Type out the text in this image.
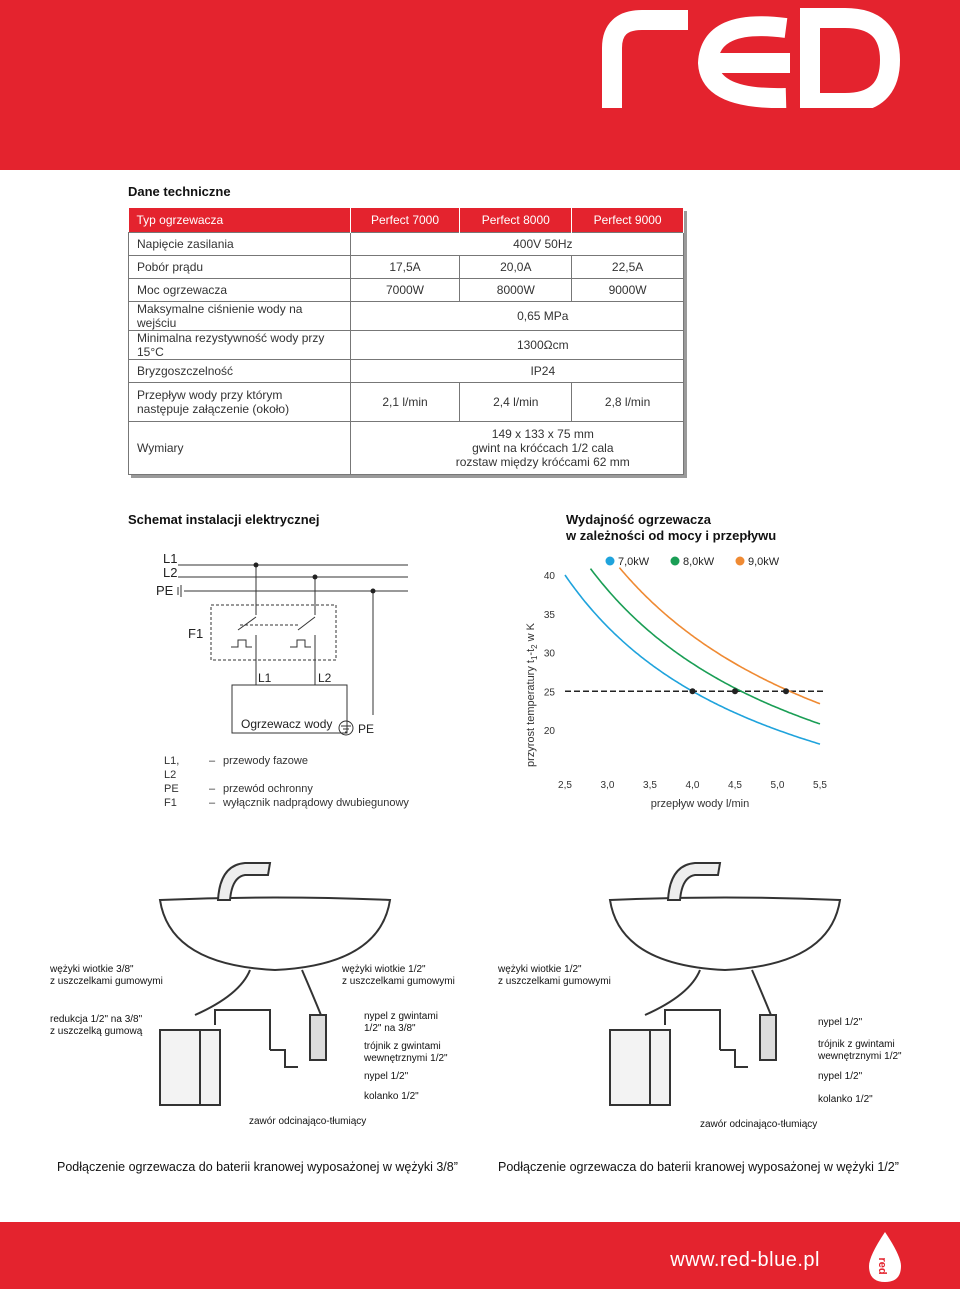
Dane techniczne
Typ ogrzewacza	Perfect 7000	Perfect 8000	Perfect 9000
Napięcie zasilania	400V 50Hz		
Pobór prądu	17,5A	20,0A	22,5A
Moc ogrzewacza	7000W	8000W	9000W
Maksymalne ciśnienie wody na wejściu	0,65 MPa		
Minimalna rezystywność wody przy 15°C	1300Ωcm		
Bryzgoszczelność	IP24		

Przepływ wody przy którym
następuje załączenie (około)	2,1 l/min	2,4 l/min	2,8 l/min
Wymiary	149 x 133 x 75 mm
gwint na króćcach 1/2 cala
rozstaw między króćcami 62 mm		
Schemat instalacji elektrycznej
L1
L2
PE
F1
L1	L2
Ogrzewacz wody PE
L1, L2
– przewody fazowe
PE	– przewód ochronny
F1	– wyłącznik nadprądowy dwubiegunowy
Wydajność ogrzewacza
w zależności od mocy i przepływu
7,0kW	8,0kW	9,0kW
2,5	3,0	3,5	4,0	4,5	5,0	5,5
20
25
30
35
40
przepływ wody l/min
przyrost temperatury $t_1-t_2$ w K
wężyki wiotkie 3/8"
z uszczelkami gumowymi
wężyki wiotkie 1/2"
z uszczelkami gumowymi
redukcja 1/2" na 3/8"
z uszczelką gumową
nypel z gwintami
1/2" na 3/8"
trójnik z gwintami
wewnętrznymi 1/2"
nypel 1/2"
kolanko 1/2"
zawór odcinająco-tłumiący
Podłączenie ogrzewacza do baterii kranowej wyposażonej w wężyki 3/8”
wężyki wiotkie 1/2"
z uszczelkami gumowymi
nypel 1/2"
trójnik z gwintami
wewnętrznymi 1/2"
nypel 1/2"
kolanko 1/2"
zawór odcinająco-tłumiący
Podłączenie ogrzewacza do baterii kranowej wyposażonej w wężyki 1/2”
www.red-blue.pl	red
